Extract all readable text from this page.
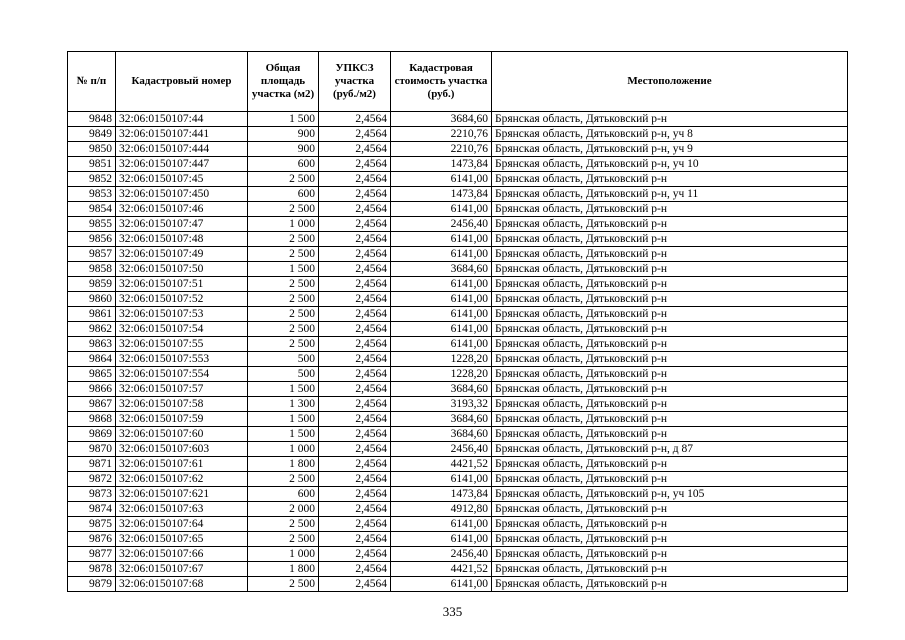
№ п/п	Кадастровый номер	Общая площадь участка (м2)	УПКСЗ участка (руб./м2)	Кадастровая стоимость участка (руб.)	Местоположение
9848	32:06:0150107:44	1 500	2,4564	3684,60	Брянская область, Дятьковский р-н
9849	32:06:0150107:441	900	2,4564	2210,76	Брянская область, Дятьковский р-н, уч 8
9850	32:06:0150107:444	900	2,4564	2210,76	Брянская область, Дятьковский р-н, уч 9
9851	32:06:0150107:447	600	2,4564	1473,84	Брянская область, Дятьковский р-н, уч 10
9852	32:06:0150107:45	2 500	2,4564	6141,00	Брянская область, Дятьковский р-н
9853	32:06:0150107:450	600	2,4564	1473,84	Брянская область, Дятьковский р-н, уч 11
9854	32:06:0150107:46	2 500	2,4564	6141,00	Брянская область, Дятьковский р-н
9855	32:06:0150107:47	1 000	2,4564	2456,40	Брянская область, Дятьковский р-н
9856	32:06:0150107:48	2 500	2,4564	6141,00	Брянская область, Дятьковский р-н
9857	32:06:0150107:49	2 500	2,4564	6141,00	Брянская область, Дятьковский р-н
9858	32:06:0150107:50	1 500	2,4564	3684,60	Брянская область, Дятьковский р-н
9859	32:06:0150107:51	2 500	2,4564	6141,00	Брянская область, Дятьковский р-н
9860	32:06:0150107:52	2 500	2,4564	6141,00	Брянская область, Дятьковский р-н
9861	32:06:0150107:53	2 500	2,4564	6141,00	Брянская область, Дятьковский р-н
9862	32:06:0150107:54	2 500	2,4564	6141,00	Брянская область, Дятьковский р-н
9863	32:06:0150107:55	2 500	2,4564	6141,00	Брянская область, Дятьковский р-н
9864	32:06:0150107:553	500	2,4564	1228,20	Брянская область, Дятьковский р-н
9865	32:06:0150107:554	500	2,4564	1228,20	Брянская область, Дятьковский р-н
9866	32:06:0150107:57	1 500	2,4564	3684,60	Брянская область, Дятьковский р-н
9867	32:06:0150107:58	1 300	2,4564	3193,32	Брянская область, Дятьковский р-н
9868	32:06:0150107:59	1 500	2,4564	3684,60	Брянская область, Дятьковский р-н
9869	32:06:0150107:60	1 500	2,4564	3684,60	Брянская область, Дятьковский р-н
9870	32:06:0150107:603	1 000	2,4564	2456,40	Брянская область, Дятьковский р-н, д 87
9871	32:06:0150107:61	1 800	2,4564	4421,52	Брянская область, Дятьковский р-н
9872	32:06:0150107:62	2 500	2,4564	6141,00	Брянская область, Дятьковский р-н
9873	32:06:0150107:621	600	2,4564	1473,84	Брянская область, Дятьковский р-н, уч 105
9874	32:06:0150107:63	2 000	2,4564	4912,80	Брянская область, Дятьковский р-н
9875	32:06:0150107:64	2 500	2,4564	6141,00	Брянская область, Дятьковский р-н
9876	32:06:0150107:65	2 500	2,4564	6141,00	Брянская область, Дятьковский р-н
9877	32:06:0150107:66	1 000	2,4564	2456,40	Брянская область, Дятьковский р-н
9878	32:06:0150107:67	1 800	2,4564	4421,52	Брянская область, Дятьковский р-н
9879	32:06:0150107:68	2 500	2,4564	6141,00	Брянская область, Дятьковский р-н
335
